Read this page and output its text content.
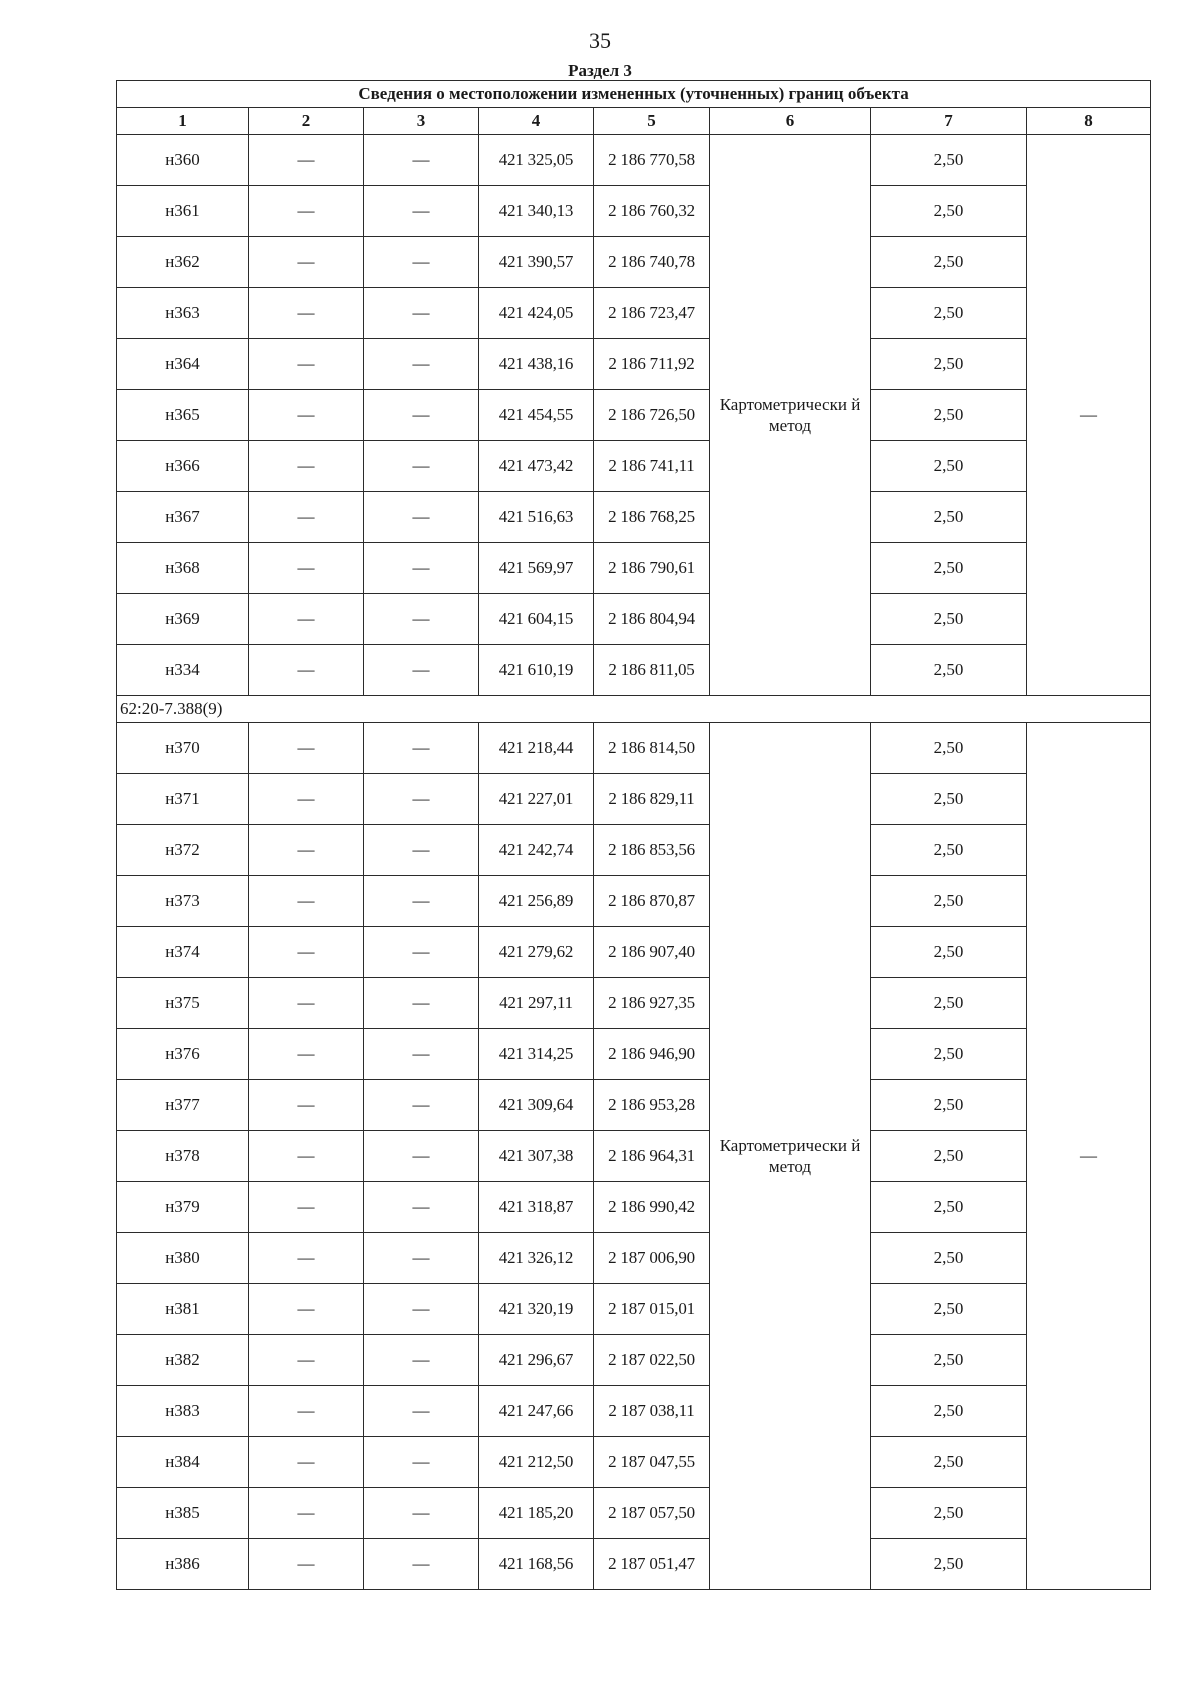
35
Раздел 3
Сведения о местоположении измененных (уточненных) границ объекта							
1	2	3	4	5	6	7	8
н360	—	—	421 325,05	2 186 770,58	Картометрически й метод	2,50	—
н361	—	—	421 340,13	2 186 760,32		2,50	
н362	—	—	421 390,57	2 186 740,78		2,50	
н363	—	—	421 424,05	2 186 723,47		2,50	
н364	—	—	421 438,16	2 186 711,92		2,50	
н365	—	—	421 454,55	2 186 726,50		2,50	
н366	—	—	421 473,42	2 186 741,11		2,50	
н367	—	—	421 516,63	2 186 768,25		2,50	
н368	—	—	421 569,97	2 186 790,61		2,50	
н369	—	—	421 604,15	2 186 804,94		2,50	
н334	—	—	421 610,19	2 186 811,05		2,50	
62:20-7.388(9)							
н370	—	—	421 218,44	2 186 814,50	Картометрически й метод	2,50	—
н371	—	—	421 227,01	2 186 829,11		2,50	
н372	—	—	421 242,74	2 186 853,56		2,50	
н373	—	—	421 256,89	2 186 870,87		2,50	
н374	—	—	421 279,62	2 186 907,40		2,50	
н375	—	—	421 297,11	2 186 927,35		2,50	
н376	—	—	421 314,25	2 186 946,90		2,50	
н377	—	—	421 309,64	2 186 953,28		2,50	
н378	—	—	421 307,38	2 186 964,31		2,50	
н379	—	—	421 318,87	2 186 990,42		2,50	
н380	—	—	421 326,12	2 187 006,90		2,50	
н381	—	—	421 320,19	2 187 015,01		2,50	
н382	—	—	421 296,67	2 187 022,50		2,50	
н383	—	—	421 247,66	2 187 038,11		2,50	
н384	—	—	421 212,50	2 187 047,55		2,50	
н385	—	—	421 185,20	2 187 057,50		2,50	
н386	—	—	421 168,56	2 187 051,47		2,50	
